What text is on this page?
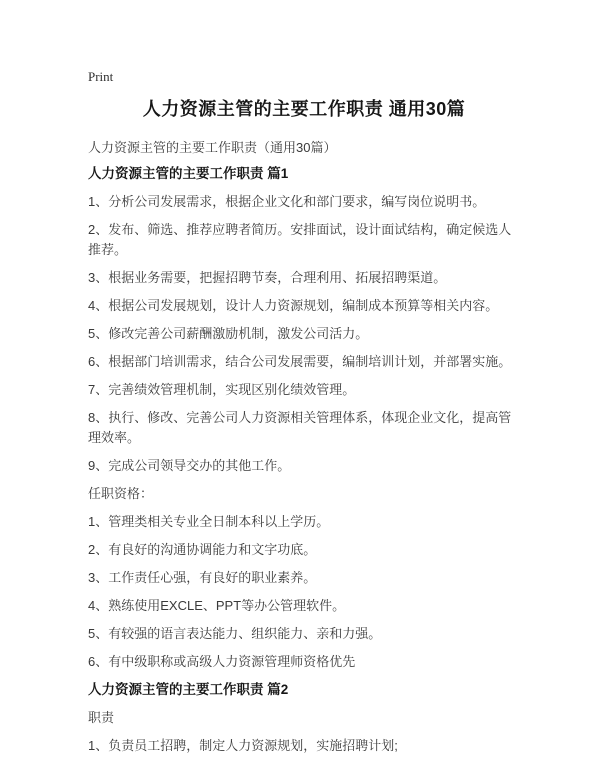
Print
人力资源主管的主要工作职责 通用30篇

人力资源主管的主要工作职责（通用30篇）

人力资源主管的主要工作职责 篇1

1、分析公司发展需求，根据企业文化和部门要求，编写岗位说明书。

2、发布、筛选、推荐应聘者简历。安排面试，设计面试结构，确定候选人推荐。

3、根据业务需要，把握招聘节奏，合理利用、拓展招聘渠道。

4、根据公司发展规划，设计人力资源规划，编制成本预算等相关内容。

5、修改完善公司薪酬激励机制，激发公司活力。

6、根据部门培训需求，结合公司发展需要，编制培训计划，并部署实施。

7、完善绩效管理机制，实现区别化绩效管理。

8、执行、修改、完善公司人力资源相关管理体系，体现企业文化，提高管理效率。

9、完成公司领导交办的其他工作。

任职资格：

1、管理类相关专业全日制本科以上学历。

2、有良好的沟通协调能力和文字功底。

3、工作责任心强，有良好的职业素养。

4、熟练使用EXCLE、PPT等办公管理软件。

5、有较强的语言表达能力、组织能力、亲和力强。

6、有中级职称或高级人力资源管理师资格优先

人力资源主管的主要工作职责 篇2

职责

1、负责员工招聘，制定人力资源规划，实施招聘计划;
